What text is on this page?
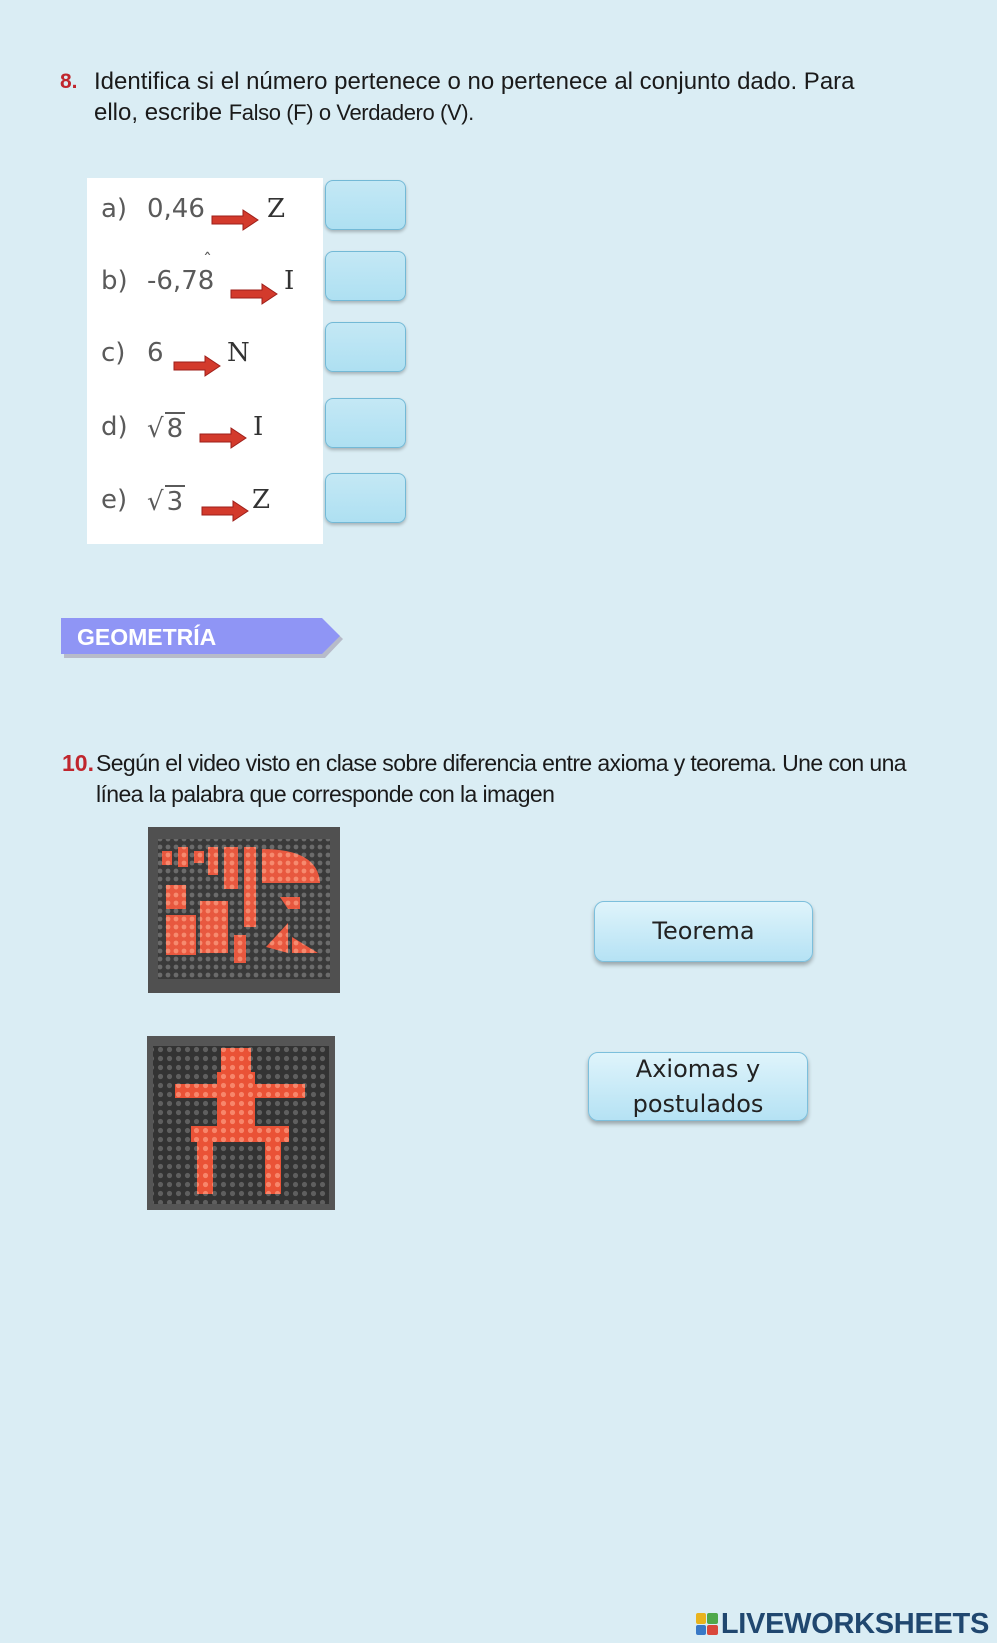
8. Identifica si el número pertenece o no pertenece al conjunto dado. Para
ello, escribe Falso (F) o Verdadero (V).
a) 0,46 Z
b) -6,78
ˆ
I
c) 6 N
d) √ 8	I
e) √ 3	Z
GEOMETRÍA
10. Según el video visto en clase sobre diferencia entre axioma y teorema. Une con una
línea la palabra que corresponde con la imagen
Teorema
Axiomas y
postulados
LIVEWORKSHEETS
